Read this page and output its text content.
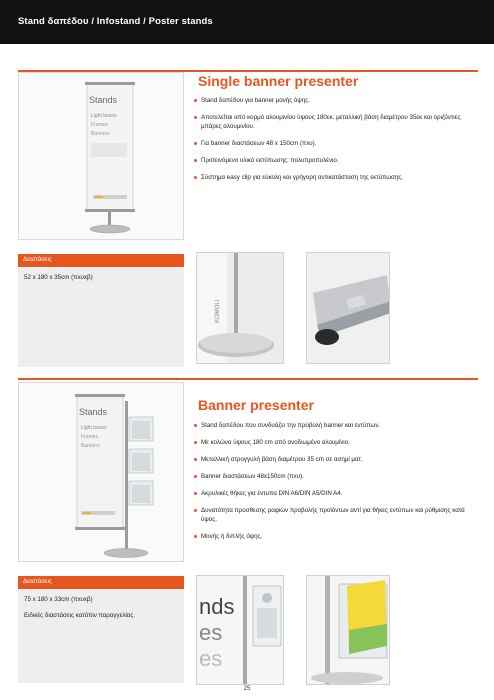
Stand δαπέδου / Infostand / Poster stands
Stands
Light boxes
Frames
Banners
Single banner presenter
Stand δαπέδου για banner μονής όψης.
Αποτελείται από κορμό αλουμινίου ύψους 180εκ. μεταλλική βάση διαμέτρου 35εκ και οριζόντιες μπάρες αλουμινίου.
Για banner διαστάσεων 48 x 150cm (πxυ).
Προτεινόμενο υλικό εκτύπωσης: πολυπροπυλένιο.
Σύστημα easy clip για εύκολη και γρήγορη αντικατάσταση της εκτύπωσης.
Διαστάσεις
52 x 180 x 35cm (πxυxβ)
KOMOLI
Stands
Light boxes
Frames
Banners
Banner presenter
Stand δαπέδου που συνδυάζει την προβολή banner και εντύπων.
Με κολώνα ύψους 180 cm από ανοδιωμένο αλουμίνιο.
Μεταλλική στρογγυλή βάση διαμέτρου 35 cm σε ασημί ματ.
Banner διαστάσεων 48x150cm (πxυ).
Ακρυλικές θήκες για έντυπα DIN A6/DIN A5/DIN A4.
Δυνατότητα προσθεσης ραφιών προβολής προϊόντων αντί για θήκες εντύπων και ρύθμισης κατά ύψος.
Μονής ή διπλής όψης.
Διαστάσεις
75 x 180 x 33cm (πxυxβ)
Ειδικές διαστάσεις κατόπιν παραγγελίας.	nds
es
es
25
